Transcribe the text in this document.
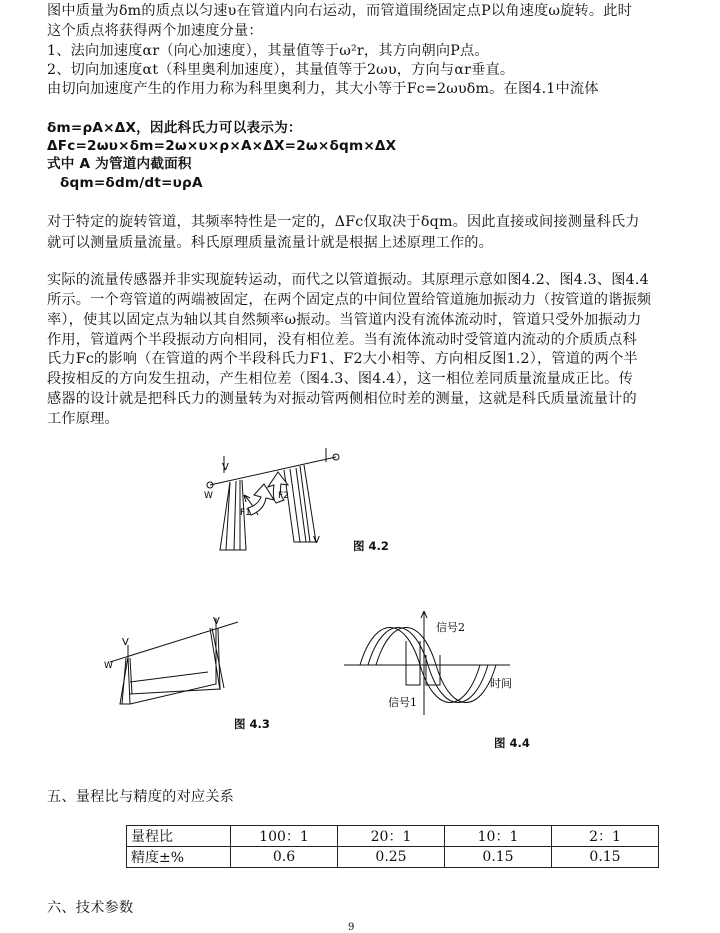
图中质量为δm的质点以匀速υ在管道内向右运动，而管道围绕固定点P以角速度ω旋转。此时
这个质点将获得两个加速度分量：
1、法向加速度αr（向心加速度），其量值等于ω²r，其方向朝向P点。
2、切向加速度αt（科里奥利加速度），其量值等于2ωυ，方向与αr垂直。
由切向加速度产生的作用力称为科里奥利力，其大小等于Fc=2ωυδm。在图4.1中流体
δm=ρA×ΔX，因此科氏力可以表示为：
ΔFc=2ωυ×δm=2ω×υ×ρ×A×ΔX=2ω×δqm×ΔX
式中 A 为管道内截面积
δqm=δdm/dt=υρA
对于特定的旋转管道，其频率特性是一定的，ΔFc仅取决于δqm。因此直接或间接测量科氏力
就可以测量质量流量。科氏原理质量流量计就是根据上述原理工作的。
实际的流量传感器并非实现旋转运动，而代之以管道振动。其原理示意如图4.2、图4.3、图4.4
所示。一个弯管道的两端被固定，在两个固定点的中间位置给管道施加振动力（按管道的谐振频
率），使其以固定点为轴以其自然频率ω振动。当管道内没有流体流动时，管道只受外加振动力
作用，管道两个半段振动方向相同，没有相位差。当有流体流动时受管道内流动的介质质点科
氏力Fc的影响（在管道的两个半段科氏力F1、F2大小相等、方向相反图1.2），管道的两个半
段按相反的方向发生扭动，产生相位差（图4.3、图4.4），这一相位差同质量流量成正比。传
感器的设计就是把科氏力的测量转为对振动管两侧相位时差的测量，这就是科氏质量流量计的
工作原理。
V
W
V
F1
F2
图 4.2
V
W
V
图 4.3
信号2
信号1
时间
图 4.4
五、量程比与精度的对应关系
量程比	100：1	20：1	10：1	2：1
精度±%	0.6	0.25	0.15	0.15
六、技术参数
9
